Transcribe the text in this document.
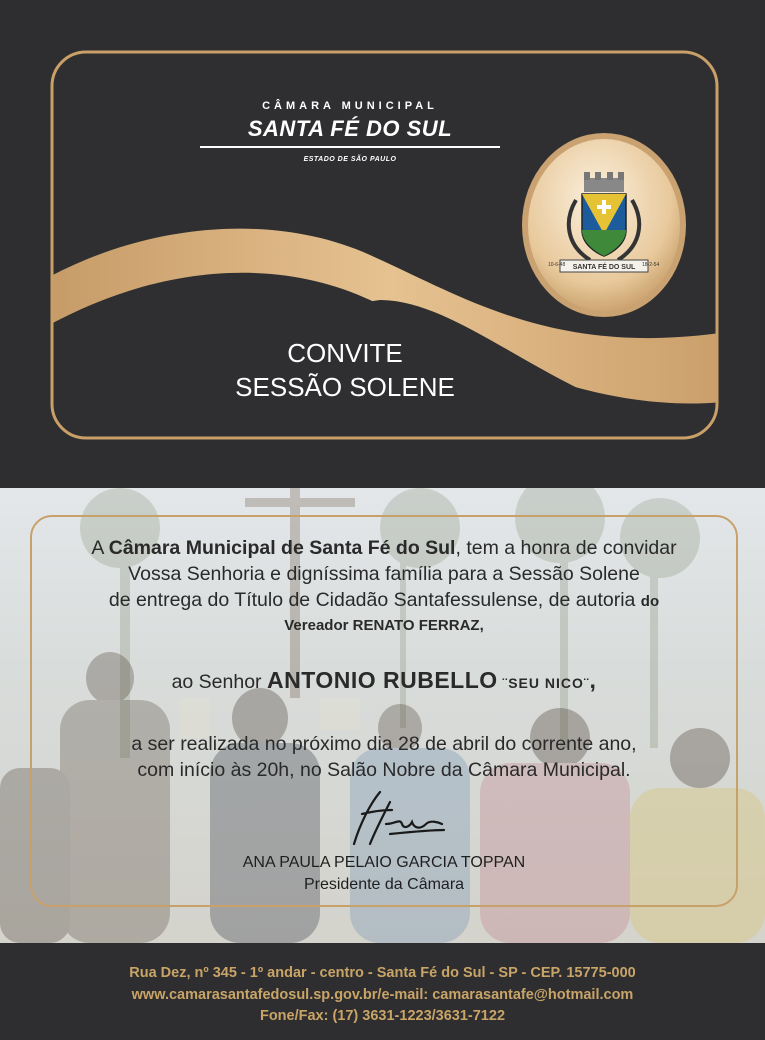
CÂMARA MUNICIPAL
SANTA FÉ DO SUL
ESTADO DE SÃO PAULO
SANTA FÉ DO SUL
10-6-48	18-2-54
CONVITE
SESSÃO SOLENE
A Câmara Municipal de Santa Fé do Sul, tem a honra de convidar
Vossa Senhoria e digníssima família para a Sessão Solene
de entrega do Título de Cidadão Santafessulense, de autoria do
Vereador RENATO FERRAZ,
ao Senhor ANTONIO RUBELLO ¨SEU NICO¨,
a ser realizada no próximo dia 28 de abril do corrente ano,
com início às 20h, no Salão Nobre da Câmara Municipal.
ANA PAULA PELAIO GARCIA TOPPAN
Presidente da Câmara
Rua Dez, nº 345 - 1º andar - centro - Santa Fé do Sul - SP - CEP. 15775-000
www.camarasantafedosul.sp.gov.br/e-mail: camarasantafe@hotmail.com
Fone/Fax: (17) 3631-1223/3631-7122
